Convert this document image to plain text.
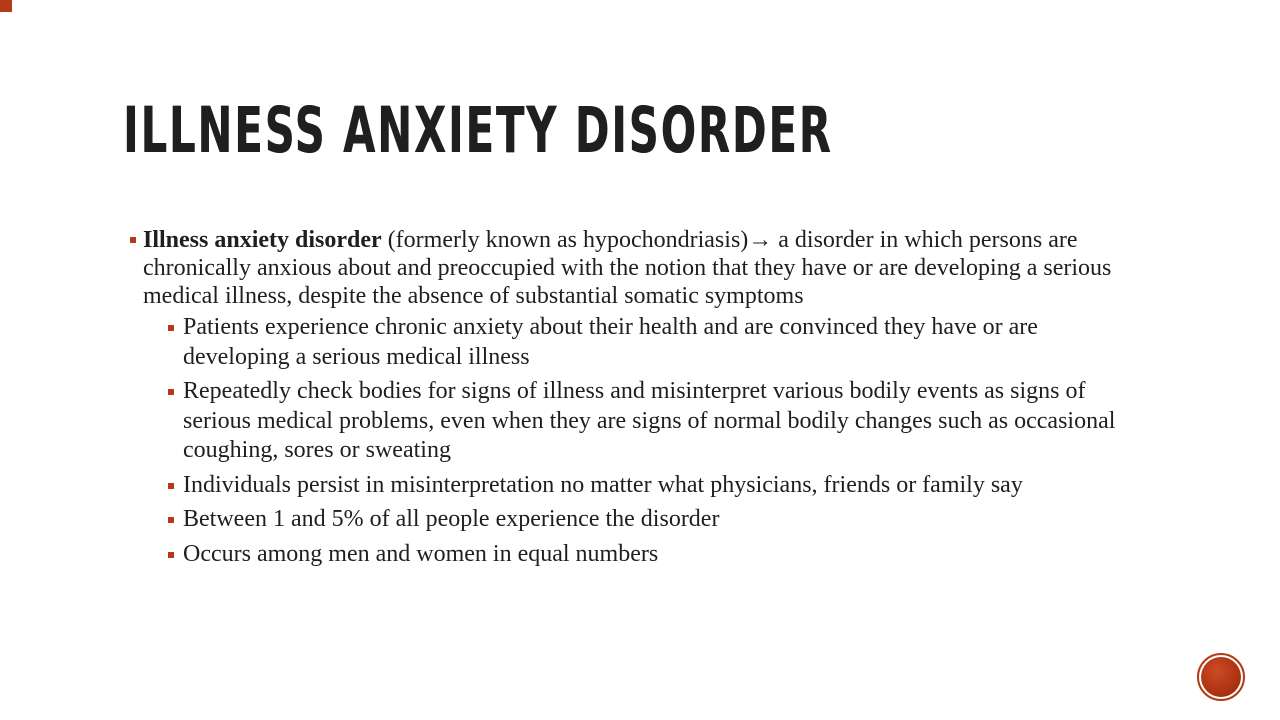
ILLNESS ANXIETY DISORDER
Illness anxiety disorder (formerly known as hypochondriasis)→ a disorder in which persons are chronically anxious about and preoccupied with the notion that they have or are developing a serious medical illness, despite the absence of substantial somatic symptoms
Patients experience chronic anxiety about their health and are convinced they have or are developing a serious medical illness
Repeatedly check bodies for signs of illness and misinterpret various bodily events as signs of serious medical problems, even when they are signs of normal bodily changes such as occasional coughing, sores or sweating
Individuals persist in misinterpretation no matter what physicians, friends or family say
Between 1 and 5% of all people experience the disorder
Occurs among men and women in equal numbers
